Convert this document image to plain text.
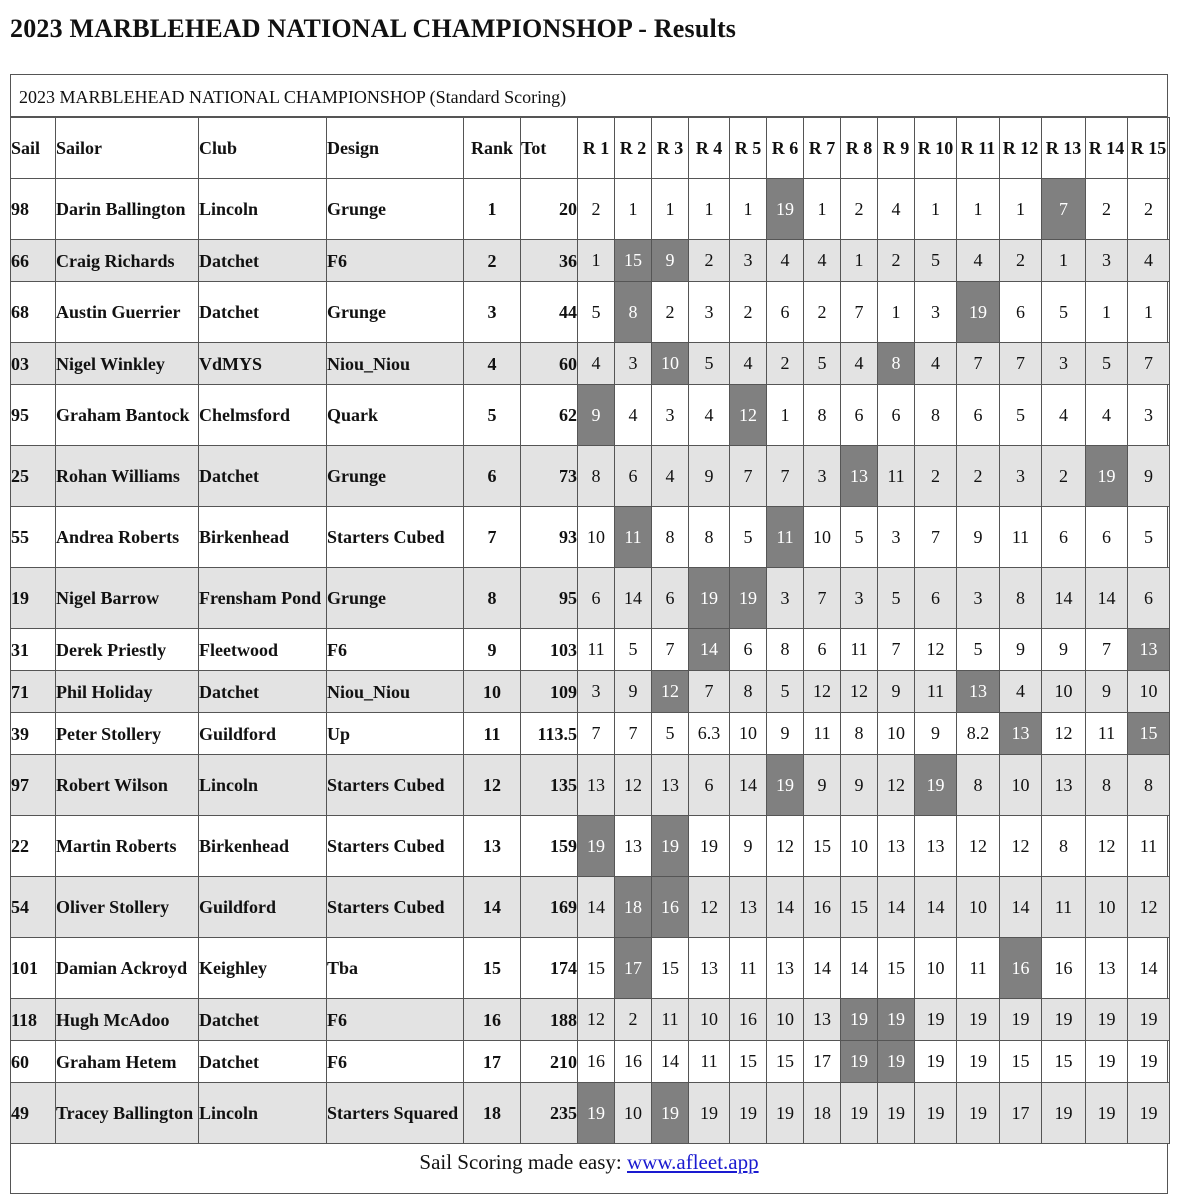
2023 MARBLEHEAD NATIONAL CHAMPIONSHOP - Results
2023 MARBLEHEAD NATIONAL CHAMPIONSHOP (Standard Scoring)
Sail	Sailor	Club	Design	Rank	Tot	R 1	R 2	R 3	R 4	R 5	R 6	R 7	R 8	R 9	R 10	R 11	R 12	R 13	R 14	R 15
98	Darin Ballington	Lincoln	Grunge	1	20	2	1	1	1	1	19	1	2	4	1	1	1	7	2	2
66	Craig Richards	Datchet	F6	2	36	1	15	9	2	3	4	4	1	2	5	4	2	1	3	4
68	Austin Guerrier	Datchet	Grunge	3	44	5	8	2	3	2	6	2	7	1	3	19	6	5	1	1
03	Nigel Winkley	VdMYS	Niou_Niou	4	60	4	3	10	5	4	2	5	4	8	4	7	7	3	5	7
95	Graham Bantock	Chelmsford	Quark	5	62	9	4	3	4	12	1	8	6	6	8	6	5	4	4	3
25	Rohan Williams	Datchet	Grunge	6	73	8	6	4	9	7	7	3	13	11	2	2	3	2	19	9
55	Andrea Roberts	Birkenhead	Starters Cubed	7	93	10	11	8	8	5	11	10	5	3	7	9	11	6	6	5
19	Nigel Barrow	Frensham Pond	Grunge	8	95	6	14	6	19	19	3	7	3	5	6	3	8	14	14	6
31	Derek Priestly	Fleetwood	F6	9	103	11	5	7	14	6	8	6	11	7	12	5	9	9	7	13
71	Phil Holiday	Datchet	Niou_Niou	10	109	3	9	12	7	8	5	12	12	9	11	13	4	10	9	10
39	Peter Stollery	Guildford	Up	11	113.5	7	7	5	6.3	10	9	11	8	10	9	8.2	13	12	11	15
97	Robert Wilson	Lincoln	Starters Cubed	12	135	13	12	13	6	14	19	9	9	12	19	8	10	13	8	8
22	Martin Roberts	Birkenhead	Starters Cubed	13	159	19	13	19	19	9	12	15	10	13	13	12	12	8	12	11
54	Oliver Stollery	Guildford	Starters Cubed	14	169	14	18	16	12	13	14	16	15	14	14	10	14	11	10	12
101	Damian Ackroyd	Keighley	Tba	15	174	15	17	15	13	11	13	14	14	15	10	11	16	16	13	14
118	Hugh McAdoo	Datchet	F6	16	188	12	2	11	10	16	10	13	19	19	19	19	19	19	19	19
60	Graham Hetem	Datchet	F6	17	210	16	16	14	11	15	15	17	19	19	19	19	15	15	19	19
49	Tracey Ballington	Lincoln	Starters Squared	18	235	19	10	19	19	19	19	18	19	19	19	19	17	19	19	19
Sail Scoring made easy: www.afleet.app
